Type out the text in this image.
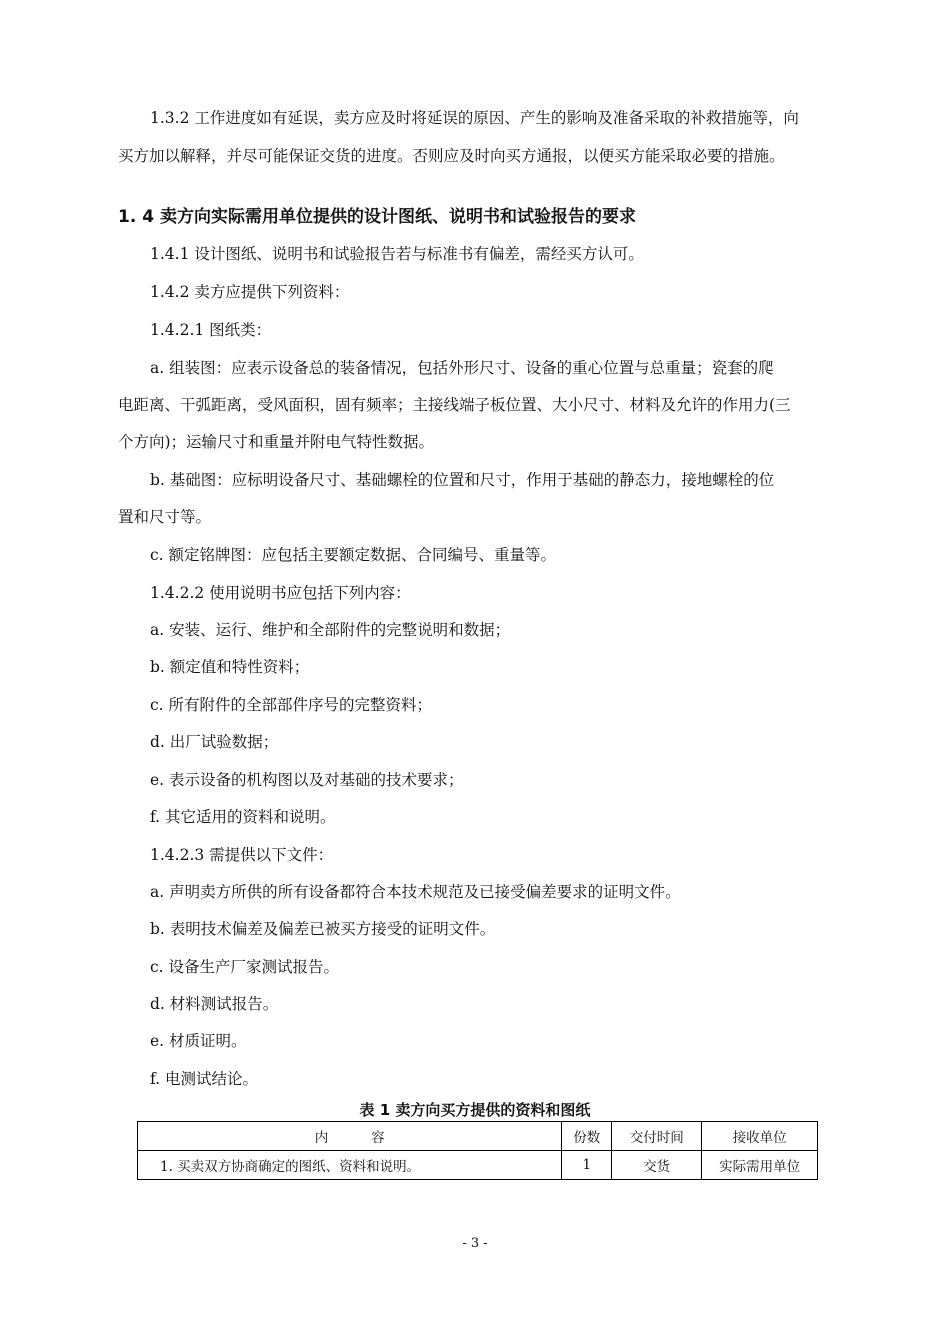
1.3.2 工作进度如有延误，卖方应及时将延误的原因、产生的影响及准备采取的补救措施等，向
买方加以解释，并尽可能保证交货的进度。否则应及时向买方通报，以便买方能采取必要的措施。
1. 4 卖方向实际需用单位提供的设计图纸、说明书和试验报告的要求
1.4.1 设计图纸、说明书和试验报告若与标准书有偏差，需经买方认可。
1.4.2 卖方应提供下列资料：
1.4.2.1 图纸类：
a. 组装图：应表示设备总的装备情况，包括外形尺寸、设备的重心位置与总重量；瓷套的爬
电距离、干弧距离，受风面积，固有频率；主接线端子板位置、大小尺寸、材料及允许的作用力(三
个方向)；运输尺寸和重量并附电气特性数据。
b. 基础图：应标明设备尺寸、基础螺栓的位置和尺寸，作用于基础的静态力，接地螺栓的位
置和尺寸等。
c. 额定铭牌图：应包括主要额定数据、合同编号、重量等。
1.4.2.2 使用说明书应包括下列内容：
a. 安装、运行、维护和全部附件的完整说明和数据；
b. 额定值和特性资料；
c. 所有附件的全部部件序号的完整资料；
d. 出厂试验数据；
e. 表示设备的机构图以及对基础的技术要求；
f. 其它适用的资料和说明。
1.4.2.3 需提供以下文件：
a. 声明卖方所供的所有设备都符合本技术规范及已接受偏差要求的证明文件。
b. 表明技术偏差及偏差已被买方接受的证明文件。
c. 设备生产厂家测试报告。
d. 材料测试报告。
e. 材质证明。
f. 电测试结论。
表 1 卖方向买方提供的资料和图纸
内          容	份数	交付时间	接收单位
1. 买卖双方协商确定的图纸、资料和说明。	1	交货	实际需用单位
- 3 -
